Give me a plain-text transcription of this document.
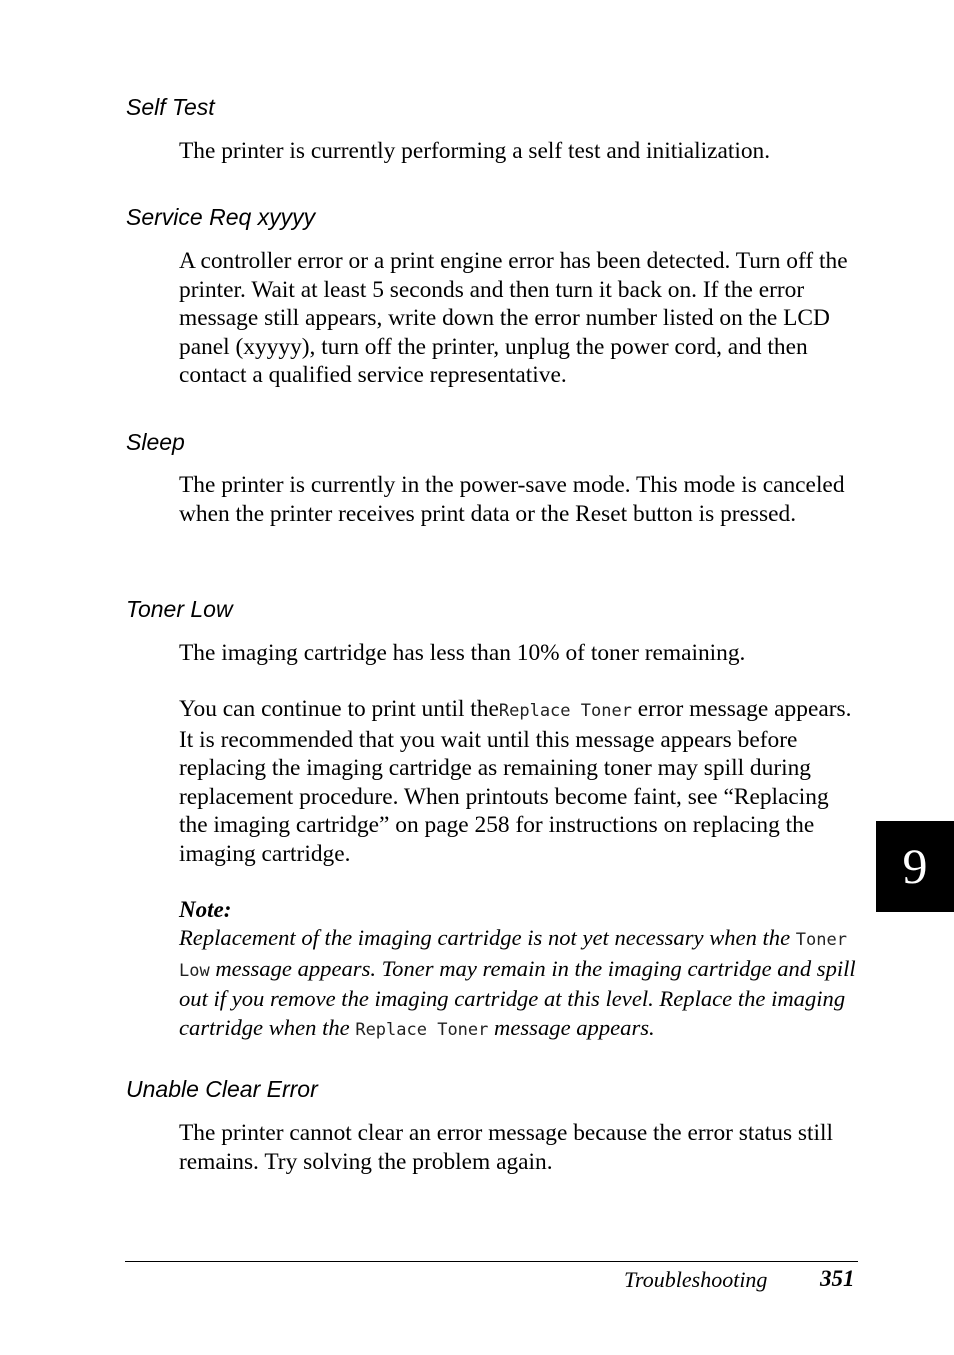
Self Test

The printer is currently performing a self test and initialization.

Service Req xyyyy

A controller error or a print engine error has been detected. Turn off the printer. Wait at least 5 seconds and then turn it back on. If the error message still appears, write down the error number listed on the LCD panel (xyyyy), turn off the printer, unplug the power cord, and then contact a qualified service representative.

Sleep

The printer is currently in the power-save mode. This mode is canceled when the printer receives print data or the Reset button is pressed.

Toner Low

The imaging cartridge has less than 10% of toner remaining.

You can continue to print until theReplace Toner error message appears. It is recommended that you wait until this message appears before replacing the imaging cartridge as remaining toner may spill during replacement procedure. When printouts become faint, see “Replacing the imaging cartridge” on page 258 for instructions on replacing the imaging cartridge.

Note:

Replacement of the imaging cartridge is not yet necessary when the Toner Low message appears. Toner may remain in the imaging cartridge and spill out if you remove the imaging cartridge at this level. Replace the imaging cartridge when the Replace Toner message appears.

Unable Clear Error

The printer cannot clear an error message because the error status still remains. Try solving the problem again.

9
Troubleshooting 351
